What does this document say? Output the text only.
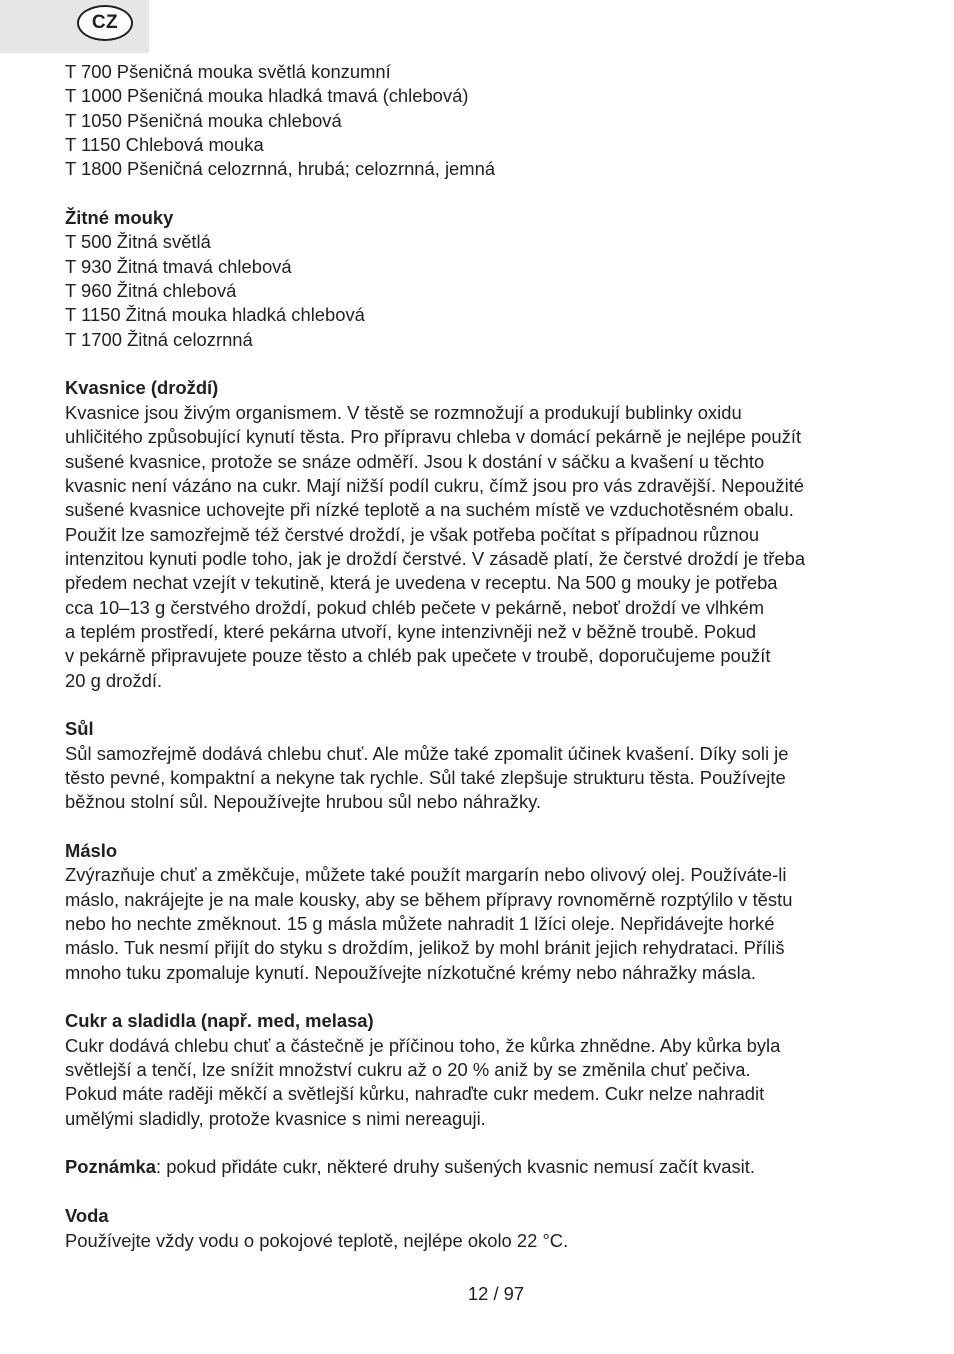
CZ
T 700 Pšeničná mouka světlá konzumní
T 1000 Pšeničná mouka hladká tmavá (chlebová)
T 1050 Pšeničná mouka chlebová
T 1150 Chlebová mouka
T 1800 Pšeničná celozrnná, hrubá; celozrnná, jemná
Žitné mouky
T 500 Žitná světlá
T 930 Žitná tmavá chlebová
T 960 Žitná chlebová
T 1150 Žitná mouka hladká chlebová
T 1700 Žitná celozrnná
Kvasnice (droždí)
Kvasnice jsou živým organismem. V těstě se rozmnožují a produkují bublinky oxidu
uhličitého způsobující kynutí těsta. Pro přípravu chleba v domácí pekárně je nejlépe použít
sušené kvasnice, protože se snáze odměří. Jsou k dostání v sáčku a kvašení u těchto
kvasnic není vázáno na cukr. Mají nižší podíl cukru, čímž jsou pro vás zdravější. Nepoužité
sušené kvasnice uchovejte při nízké teplotě a na suchém místě ve vzduchotěsném obalu.
Použit lze samozřejmě též čerstvé droždí, je však potřeba počítat s případnou různou
intenzitou kynuti podle toho, jak je droždí čerstvé. V zásadě platí, že čerstvé droždí je třeba
předem nechat vzejít v tekutině, která je uvedena v receptu. Na 500 g mouky je potřeba
cca 10–13 g čerstvého droždí, pokud chléb pečete v pekárně, neboť droždí ve vlhkém
a teplém prostředí, které pekárna utvoří, kyne intenzivněji než v běžně troubě. Pokud
v pekárně připravujete pouze těsto a chléb pak upečete v troubě, doporučujeme použít
20 g droždí.
Sůl
Sůl samozřejmě dodává chlebu chuť. Ale může také zpomalit účinek kvašení. Díky soli je
těsto pevné, kompaktní a nekyne tak rychle. Sůl také zlepšuje strukturu těsta. Používejte
běžnou stolní sůl. Nepoužívejte hrubou sůl nebo náhražky.
Máslo
Zvýrazňuje chuť a změkčuje, můžete také použít margarín nebo olivový olej. Používáte-li
máslo, nakrájejte je na male kousky, aby se během přípravy rovnoměrně rozptýlilo v těstu
nebo ho nechte změknout. 15 g másla můžete nahradit 1 lžíci oleje. Nepřidávejte horké
máslo. Tuk nesmí přijít do styku s droždím, jelikož by mohl bránit jejich rehydrataci. Příliš
mnoho tuku zpomaluje kynutí. Nepoužívejte nízkotučné krémy nebo náhražky másla.
Cukr a sladidla (např. med, melasa)
Cukr dodává chlebu chuť a částečně je příčinou toho, že kůrka zhnědne. Aby kůrka byla
světlejší a tenčí, lze snížit množství cukru až o 20 % aniž by se změnila chuť pečiva.
Pokud máte raději měkčí a světlejší kůrku, nahraďte cukr medem. Cukr nelze nahradit
umělými sladidly, protože kvasnice s nimi nereaguji.
Poznámka: pokud přidáte cukr, některé druhy sušených kvasnic nemusí začít kvasit.
Voda
Používejte vždy vodu o pokojové teplotě, nejlépe okolo 22 °C.
12 / 97
